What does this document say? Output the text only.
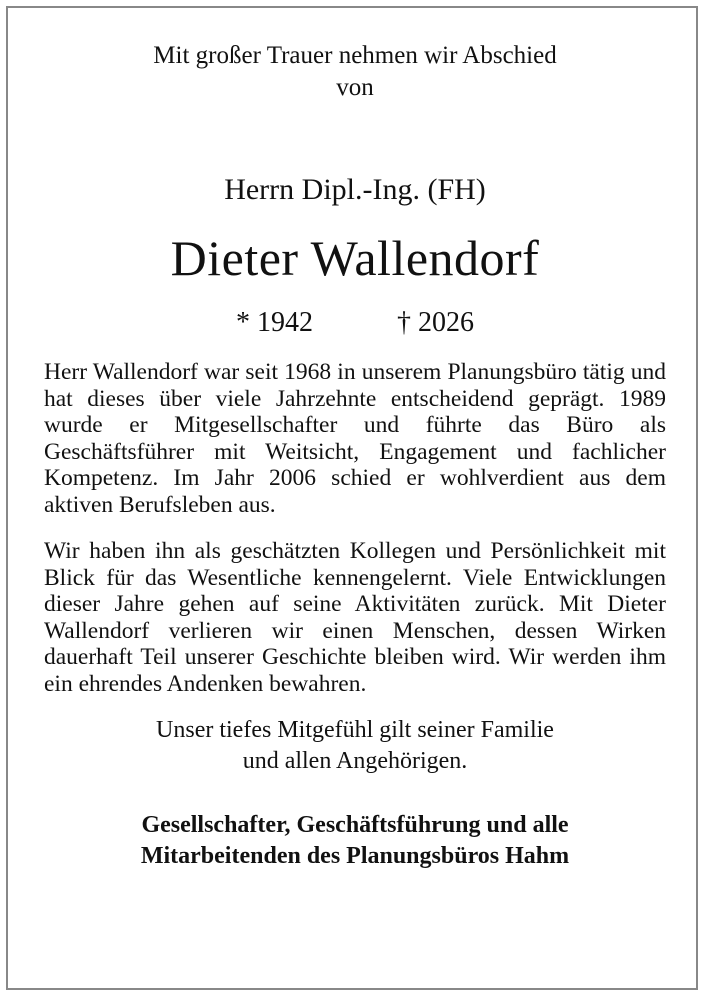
Mit großer Trauer nehmen wir Abschied

von

Herrn Dipl.-Ing. (FH)

Dieter Wallendorf

* 1942	† 2026

Herr Wallendorf war seit 1968 in unserem Planungsbüro tätig und hat dieses über viele Jahrzehnte entscheidend geprägt. 1989 wurde er Mitgesellschafter und führte das Büro als Geschäftsführer mit Weitsicht, Engagement und fachlicher Kompetenz. Im Jahr 2006 schied er wohlverdient aus dem aktiven Berufsleben aus.

Wir haben ihn als geschätzten Kollegen und Persönlichkeit mit Blick für das Wesentliche kennengelernt. Viele Entwicklungen dieser Jahre gehen auf seine Aktivitäten zurück. Mit Dieter Wallendorf verlieren wir einen Menschen, dessen Wirken dauerhaft Teil unserer Geschichte bleiben wird. Wir werden ihm ein ehrendes Andenken bewahren.

Unser tiefes Mitgefühl gilt seiner Familie

und allen Angehörigen.

Gesellschafter, Geschäftsführung und alle

Mitarbeitenden des Planungsbüros Hahm
